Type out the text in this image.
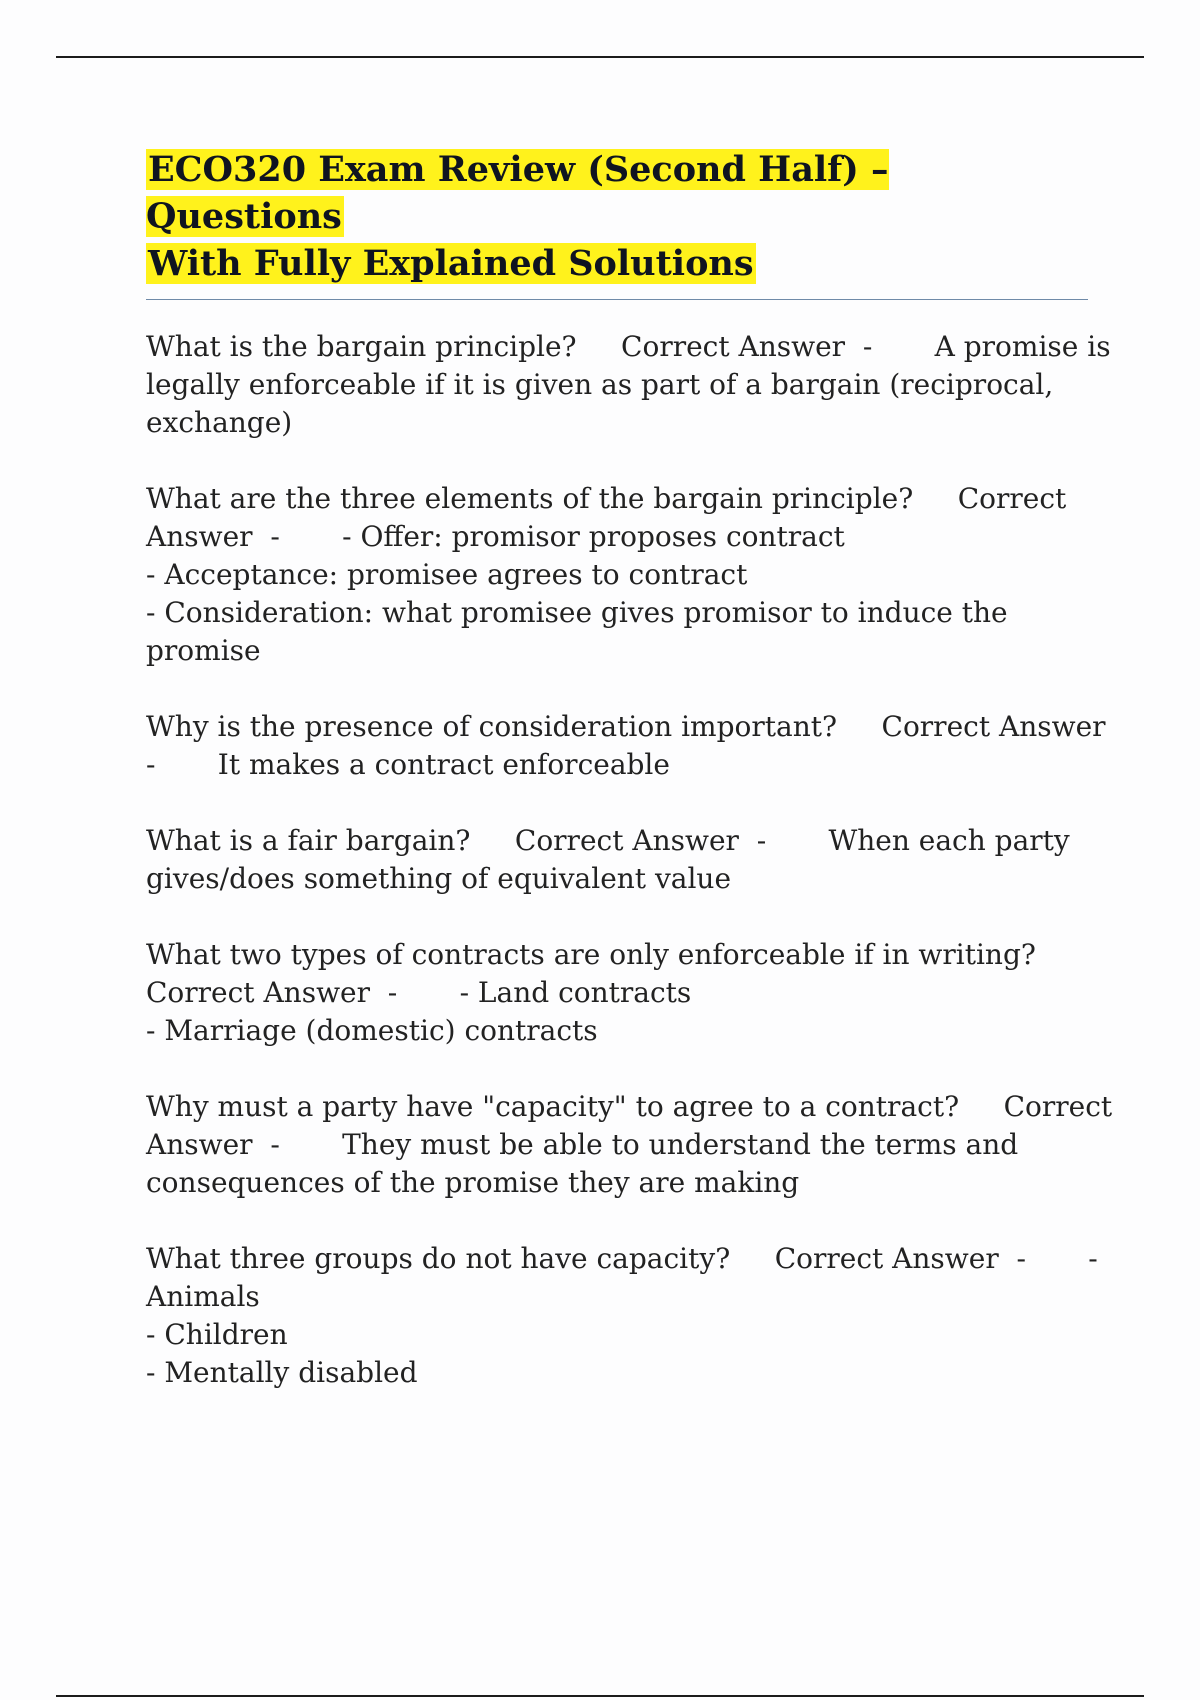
ECO320 Exam Review (Second Half) – Questions
With Fully Explained Solutions

What is the bargain principle?     Correct Answer  -       A promise is
legally enforceable if it is given as part of a bargain (reciprocal,
exchange)

What are the three elements of the bargain principle?     Correct
Answer  -       - Offer: promisor proposes contract
- Acceptance: promisee agrees to contract
- Consideration: what promisee gives promisor to induce the
promise

Why is the presence of consideration important?     Correct Answer
-       It makes a contract enforceable

What is a fair bargain?     Correct Answer  -       When each party
gives/does something of equivalent value

What two types of contracts are only enforceable if in writing?
Correct Answer  -       - Land contracts
- Marriage (domestic) contracts

Why must a party have "capacity" to agree to a contract?     Correct
Answer  -       They must be able to understand the terms and
consequences of the promise they are making

What three groups do not have capacity?     Correct Answer  -       -
Animals
- Children
- Mentally disabled
